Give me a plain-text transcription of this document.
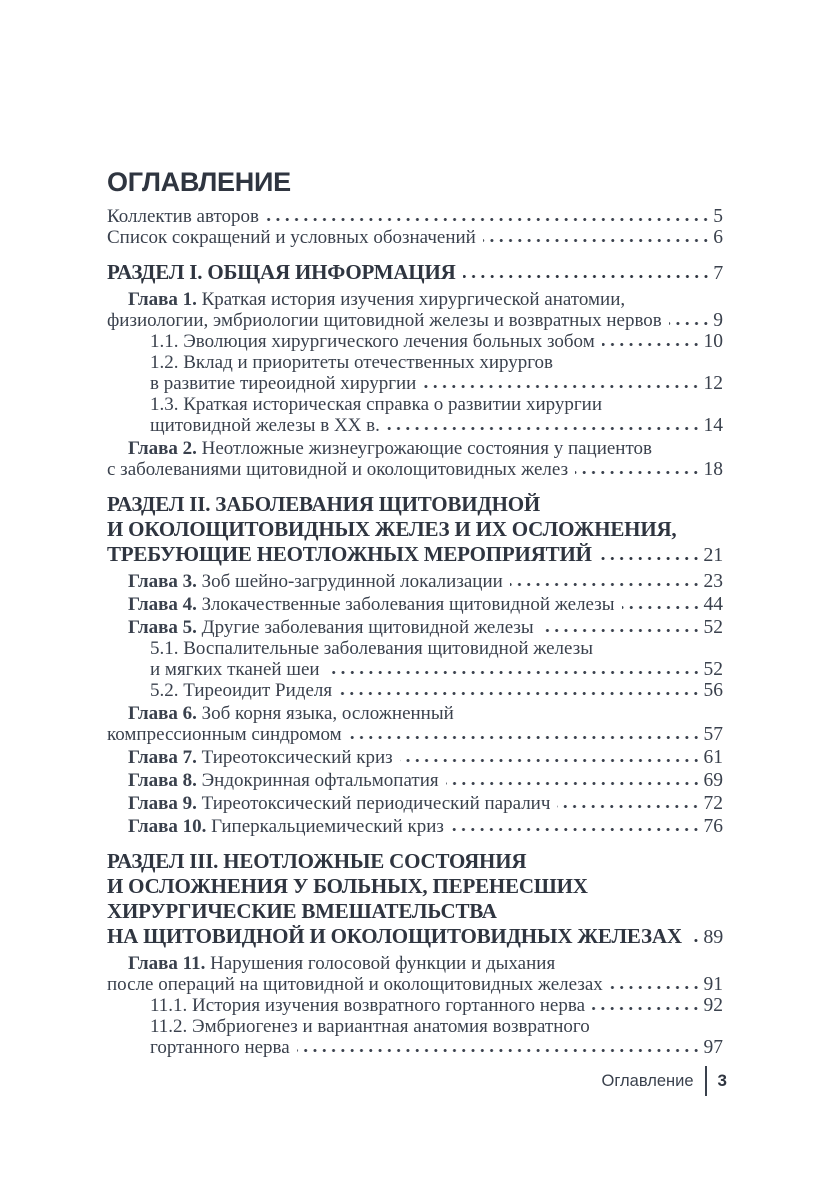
ОГЛАВЛЕНИЕ
Коллектив авторов	5
Список сокращений и условных обозначений	6
РАЗДЕЛ I. ОБЩАЯ ИНФОРМАЦИЯ	7
Глава 1. Краткая история изучения хирургической анатомии,
физиологии, эмбриологии щитовидной железы и возвратных нервов	9
1.1. Эволюция хирургического лечения больных зобом	10
1.2. Вклад и приоритеты отечественных хирургов
в развитие тиреоидной хирургии	12
1.3. Краткая историческая справка о развитии хирургии
щитовидной железы в XX в.	14
Глава 2. Неотложные жизнеугрожающие состояния у пациентов
с заболеваниями щитовидной и околощитовидных желез	18
РАЗДЕЛ II. ЗАБОЛЕВАНИЯ ЩИТОВИДНОЙ
И ОКОЛОЩИТОВИДНЫХ ЖЕЛЕЗ И ИХ ОСЛОЖНЕНИЯ,
ТРЕБУЮЩИЕ НЕОТЛОЖНЫХ МЕРОПРИЯТИЙ	21
Глава 3. Зоб шейно-загрудинной локализации	23
Глава 4. Злокачественные заболевания щитовидной железы	44
Глава 5. Другие заболевания щитовидной железы	52
5.1. Воспалительные заболевания щитовидной железы
и мягких тканей шеи	52
5.2. Тиреоидит Риделя	56
Глава 6. Зоб корня языка, осложненный
компрессионным синдромом	57
Глава 7. Тиреотоксический криз	61
Глава 8. Эндокринная офтальмопатия	69
Глава 9. Тиреотоксический периодический паралич	72
Глава 10. Гиперкальциемический криз	76
РАЗДЕЛ III. НЕОТЛОЖНЫЕ СОСТОЯНИЯ
И ОСЛОЖНЕНИЯ У БОЛЬНЫХ, ПЕРЕНЕСШИХ
ХИРУРГИЧЕСКИЕ ВМЕШАТЕЛЬСТВА
НА ЩИТОВИДНОЙ И ОКОЛОЩИТОВИДНЫХ ЖЕЛЕЗАХ 89
Глава 11. Нарушения голосовой функции и дыхания
после операций на щитовидной и околощитовидных железах	91
11.1. История изучения возвратного гортанного нерва	92
11.2. Эмбриогенез и вариантная анатомия возвратного
гортанного нерва	97
Оглавление 3
